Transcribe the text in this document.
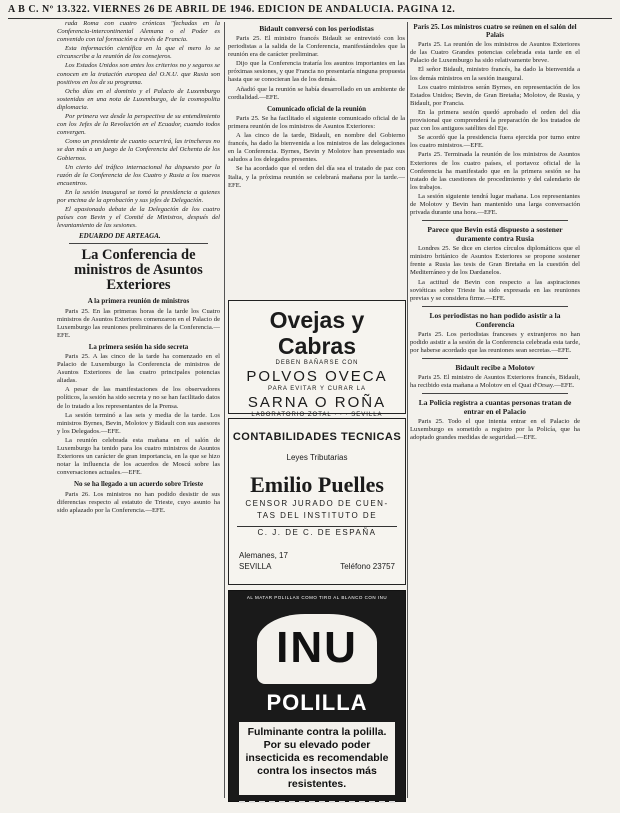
A B C. Nº 13.322. VIERNES 26 DE ABRIL DE 1946. EDICION DE ANDALUCIA. PAGINA 12.

rada Roma con cuatro crónicas "fechadas en la Conferencia-intercontinental Alemana o el Poder es convenido con tal formación a través de Francia.

Esta información científica en la que el mero lo se circunscribe a la reunión de los consejeros.

Los Estados Unidos son antes los criterios no y seguros se conocen en la tratación europea del O.N.U. que Rusia son positivos en los de su programa.

Ocho días en el dominio y el Palacio de Luxemburgo sostenidas en una nota de Luxemburgo, de la cosmopolita diplomacia.

Por primera vez desde la perspectiva de su entendimiento con los Jefes de la Revolución en el Ecuador, cuando todos convergen.

Como un presidente de cuanto ocurrirá, las trincheras no se dan más a un juego de la Conferencia del Ochenta de los Gobiernos.

Un cierto del tráfico internacional ha dispuesto por la razón de la Conferencia de los Cuatro y Rusia a los nuevos encuentros.

En la sesión inaugural se tomó la presidencia a quienes por encima de la aprobación y sus jefes de Delegación.

El apasionado debate de la Delegación de los cuatro países con Bevin y el Comité de Ministros, después del levantamiento de las sesiones.

EDUARDO DE ARTEAGA.

La Conferencia de ministros de Asuntos Exteriores

A la primera reunión de ministros

Paris 25. En las primeras horas de la tarde los Cuatro ministros de Asuntos Exteriores comenzaron en el Palacio de Luxemburgo las reuniones preliminares de la Conferencia.—EFE.

La primera sesión ha sido secreta

Paris 25. A las cinco de la tarde ha comenzado en el Palacio de Luxemburgo la Conferencia de ministros de Asuntos Exteriores de las cuatro principales potencias aliadas.

A pesar de las manifestaciones de los observadores políticos, la sesión ha sido secreta y no se han facilitado datos de lo tratado a los representantes de la Prensa.

La sesión terminó a las seis y media de la tarde. Los ministros Byrnes, Bevin, Molotov y Bidault con sus asesores y los Delegados.—EFE.

La reunión celebrada esta mañana en el salón de Luxemburgo ha tenido para los cuatro ministros de Asuntos Exteriores un carácter de gran importancia, en la que se hizo notar la influencia de los acuerdos de Moscú sobre las conversaciones actuales.—EFE.

No se ha llegado a un acuerdo sobre Trieste

Paris 26. Los ministros no han podido desistir de sus diferencias respecto al estatuto de Trieste, cuyo asunto ha sido aplazado por la Conferencia.—EFE.

Bidault conversó con los periodistas

Paris 25. El ministro francés Bidault se entrevistó con los periodistas a la salida de la Conferencia, manifestándoles que la reunión era de carácter preliminar.

Dijo que la Conferencia trataría los asuntos importantes en las próximas sesiones, y que Francia no presentaría ninguna propuesta hasta que se conocieran las de los demás.

Añadió que la reunión se había desarrollado en un ambiente de cordialidad.—EFE.

Comunicado oficial de la reunión

Paris 25. Se ha facilitado el siguiente comunicado oficial de la primera reunión de los ministros de Asuntos Exteriores:

A las cinco de la tarde, Bidault, en nombre del Gobierno francés, ha dado la bienvenida a los ministros de las delegaciones en la Conferencia. Byrnes, Bevin y Molotov han presentado sus saludos a los delegados presentes.

Se ha acordado que el orden del día sea el tratado de paz con Italia, y la próxima reunión se celebrará mañana por la tarde.—EFE.

Ovejas y Cabras
DEBEN BAÑARSE CON
POLVOS OVECA
PARA EVITAR Y CURAR LA
SARNA O ROÑA
LABORATORIO ZOTAL · · · SEVILLA
CONTABILIDADES TECNICAS
Leyes Tributarias
Emilio Puelles
CENSOR JURADO DE CUEN-
TAS DEL INSTITUTO DE
C. J. DE C. DE ESPAÑA
Alemanes, 17
SEVILLA	Teléfono 23757
AL MATAR POLILLAS COMO TIRO AL BLANCO CON INU
INU
POLILLA
Fulminante contra la polilla. Por su elevado poder insecticida es recomendable contra los insectos más resistentes.

Paris 25. Los ministros cuatro se reúnen en el salón del Palais

Paris 25. La reunión de los ministros de Asuntos Exteriores de las Cuatro Grandes potencias celebrada esta tarde en el Palacio de Luxemburgo ha sido relativamente breve.

El señor Bidault, ministro francés, ha dado la bienvenida a los demás ministros en la sesión inaugural.

Los cuatro ministros serán Byrnes, en representación de los Estados Unidos; Bevin, de Gran Bretaña; Molotov, de Rusia, y Bidault, por Francia.

En la primera sesión quedó aprobado el orden del día provisional que comprenderá la preparación de los tratados de paz con los antiguos satélites del Eje.

Se acordó que la presidencia fuera ejercida por turno entre los cuatro ministros.—EFE.

Paris 25. Terminada la reunión de los ministros de Asuntos Exteriores de los cuatro países, el portavoz oficial de la Conferencia ha manifestado que en la primera sesión se ha tratado de las cuestiones de procedimiento y del calendario de los trabajos.

La sesión siguiente tendrá lugar mañana. Los representantes de Molotov y Bevin han mantenido una larga conversación privada durante una hora.—EFE.

Parece que Bevin está dispuesto a sostener duramente contra Rusia

Londres 25. Se dice en ciertos círculos diplomáticos que el ministro británico de Asuntos Exteriores se propone sostener frente a Rusia las tesis de Gran Bretaña en la cuestión del Mediterráneo y de los Dardanelos.

La actitud de Bevin con respecto a las aspiraciones soviéticas sobre Trieste ha sido expresada en las reuniones previas y se considera firme.—EFE.

Los periodistas no han podido asistir a la Conferencia

Paris 25. Los periodistas franceses y extranjeros no han podido asistir a la sesión de la Conferencia celebrada esta tarde, por haberse acordado que las reuniones sean secretas.—EFE.

Bidault recibe a Molotov

Paris 25. El ministro de Asuntos Exteriores francés, Bidault, ha recibido esta mañana a Molotov en el Quai d'Orsay.—EFE.

La Policía registra a cuantas personas tratan de entrar en el Palacio

Paris 25. Todo el que intenta entrar en el Palacio de Luxemburgo es sometido a registro por la Policía, que ha adoptado grandes medidas de seguridad.—EFE.
